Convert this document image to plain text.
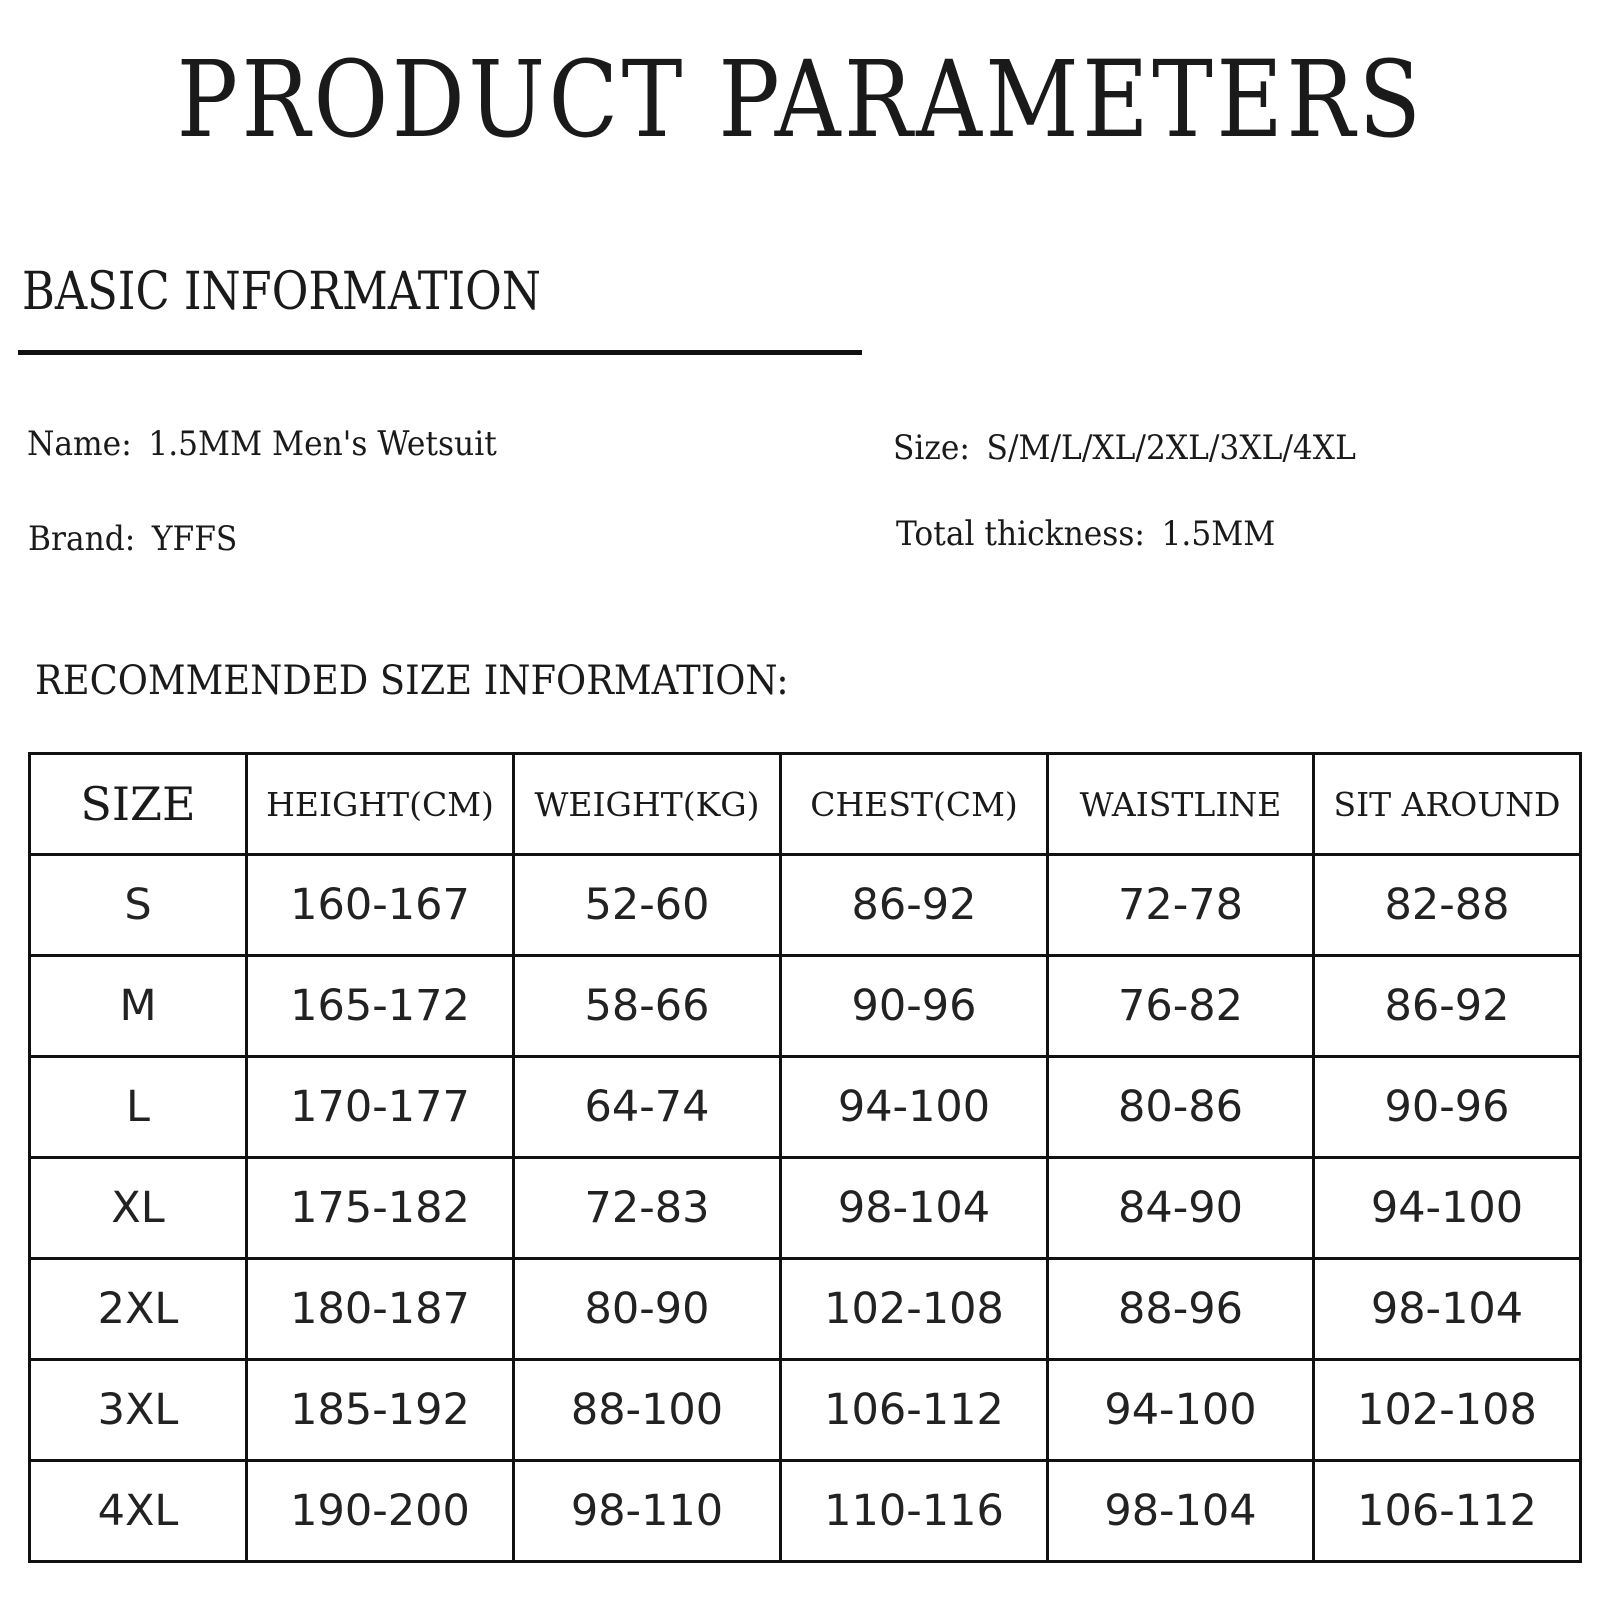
PRODUCT PARAMETERS
BASIC INFORMATION
Name: 1.5MM Men's Wetsuit
Brand: YFFS
Size: S/M/L/XL/2XL/3XL/4XL
Total thickness: 1.5MM
RECOMMENDED SIZE INFORMATION:
SIZE	HEIGHT(CM)	WEIGHT(KG)	CHEST(CM)	WAISTLINE	SIT AROUND
S	160-167	52-60	86-92	72-78	82-88
M	165-172	58-66	90-96	76-82	86-92
L	170-177	64-74	94-100	80-86	90-96
XL	175-182	72-83	98-104	84-90	94-100
2XL	180-187	80-90	102-108	88-96	98-104
3XL	185-192	88-100	106-112	94-100	102-108
4XL	190-200	98-110	110-116	98-104	106-112
